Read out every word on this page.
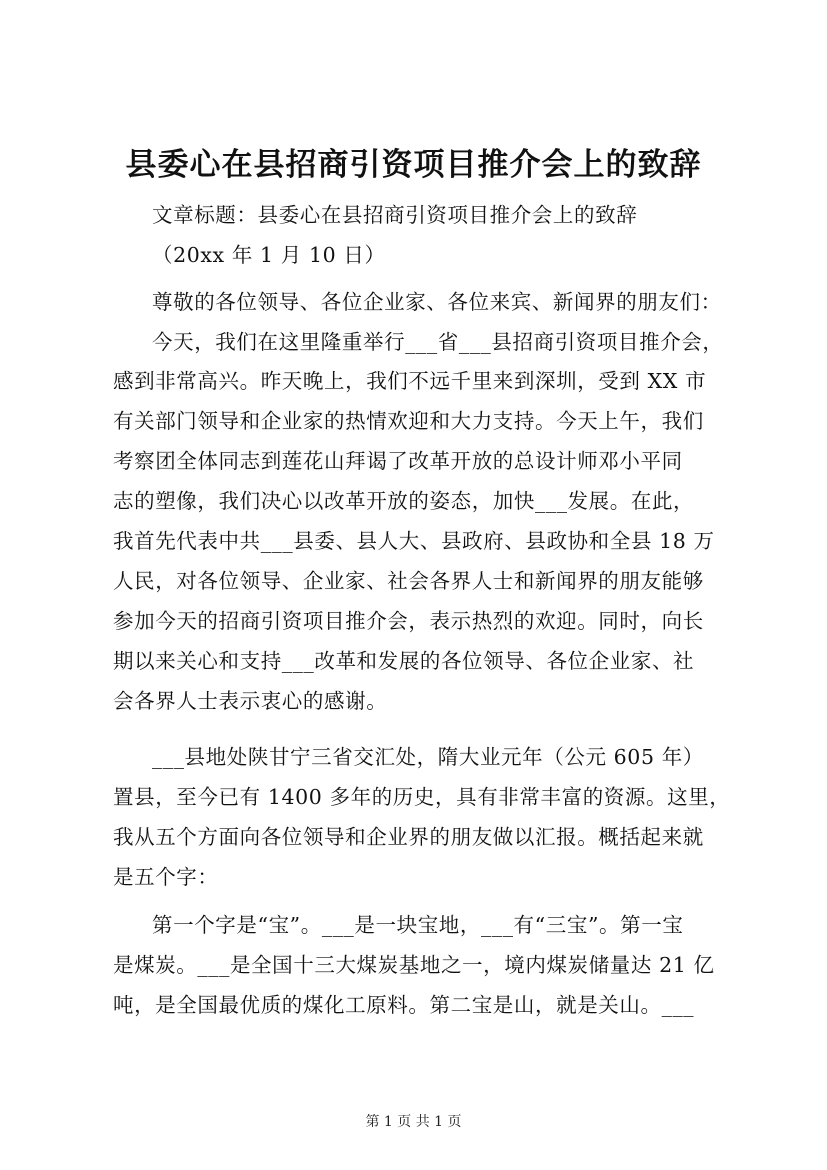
县委心在县招商引资项目推介会上的致辞
文章标题：县委心在县招商引资项目推介会上的致辞
（20xx 年 1 月 10 日）
尊敬的各位领导、各位企业家、各位来宾、新闻界的朋友们：
今天，我们在这里隆重举行___省___县招商引资项目推介会，
感到非常高兴。昨天晚上，我们不远千里来到深圳，受到 XX 市
有关部门领导和企业家的热情欢迎和大力支持。今天上午，我们
考察团全体同志到莲花山拜谒了改革开放的总设计师邓小平同
志的塑像，我们决心以改革开放的姿态，加快___发展。在此，
我首先代表中共___县委、县人大、县政府、县政协和全县 18 万
人民，对各位领导、企业家、社会各界人士和新闻界的朋友能够
参加今天的招商引资项目推介会，表示热烈的欢迎。同时，向长
期以来关心和支持___改革和发展的各位领导、各位企业家、社
会各界人士表示衷心的感谢。
___县地处陕甘宁三省交汇处，隋大业元年（公元 605 年）
置县，至今已有 1400 多年的历史，具有非常丰富的资源。这里，
我从五个方面向各位领导和企业界的朋友做以汇报。概括起来就
是五个字：
第一个字是“宝”。___是一块宝地，___有“三宝”。第一宝
是煤炭。___是全国十三大煤炭基地之一，境内煤炭储量达 21 亿
吨，是全国最优质的煤化工原料。第二宝是山，就是关山。___
第 1 页 共 1 页
